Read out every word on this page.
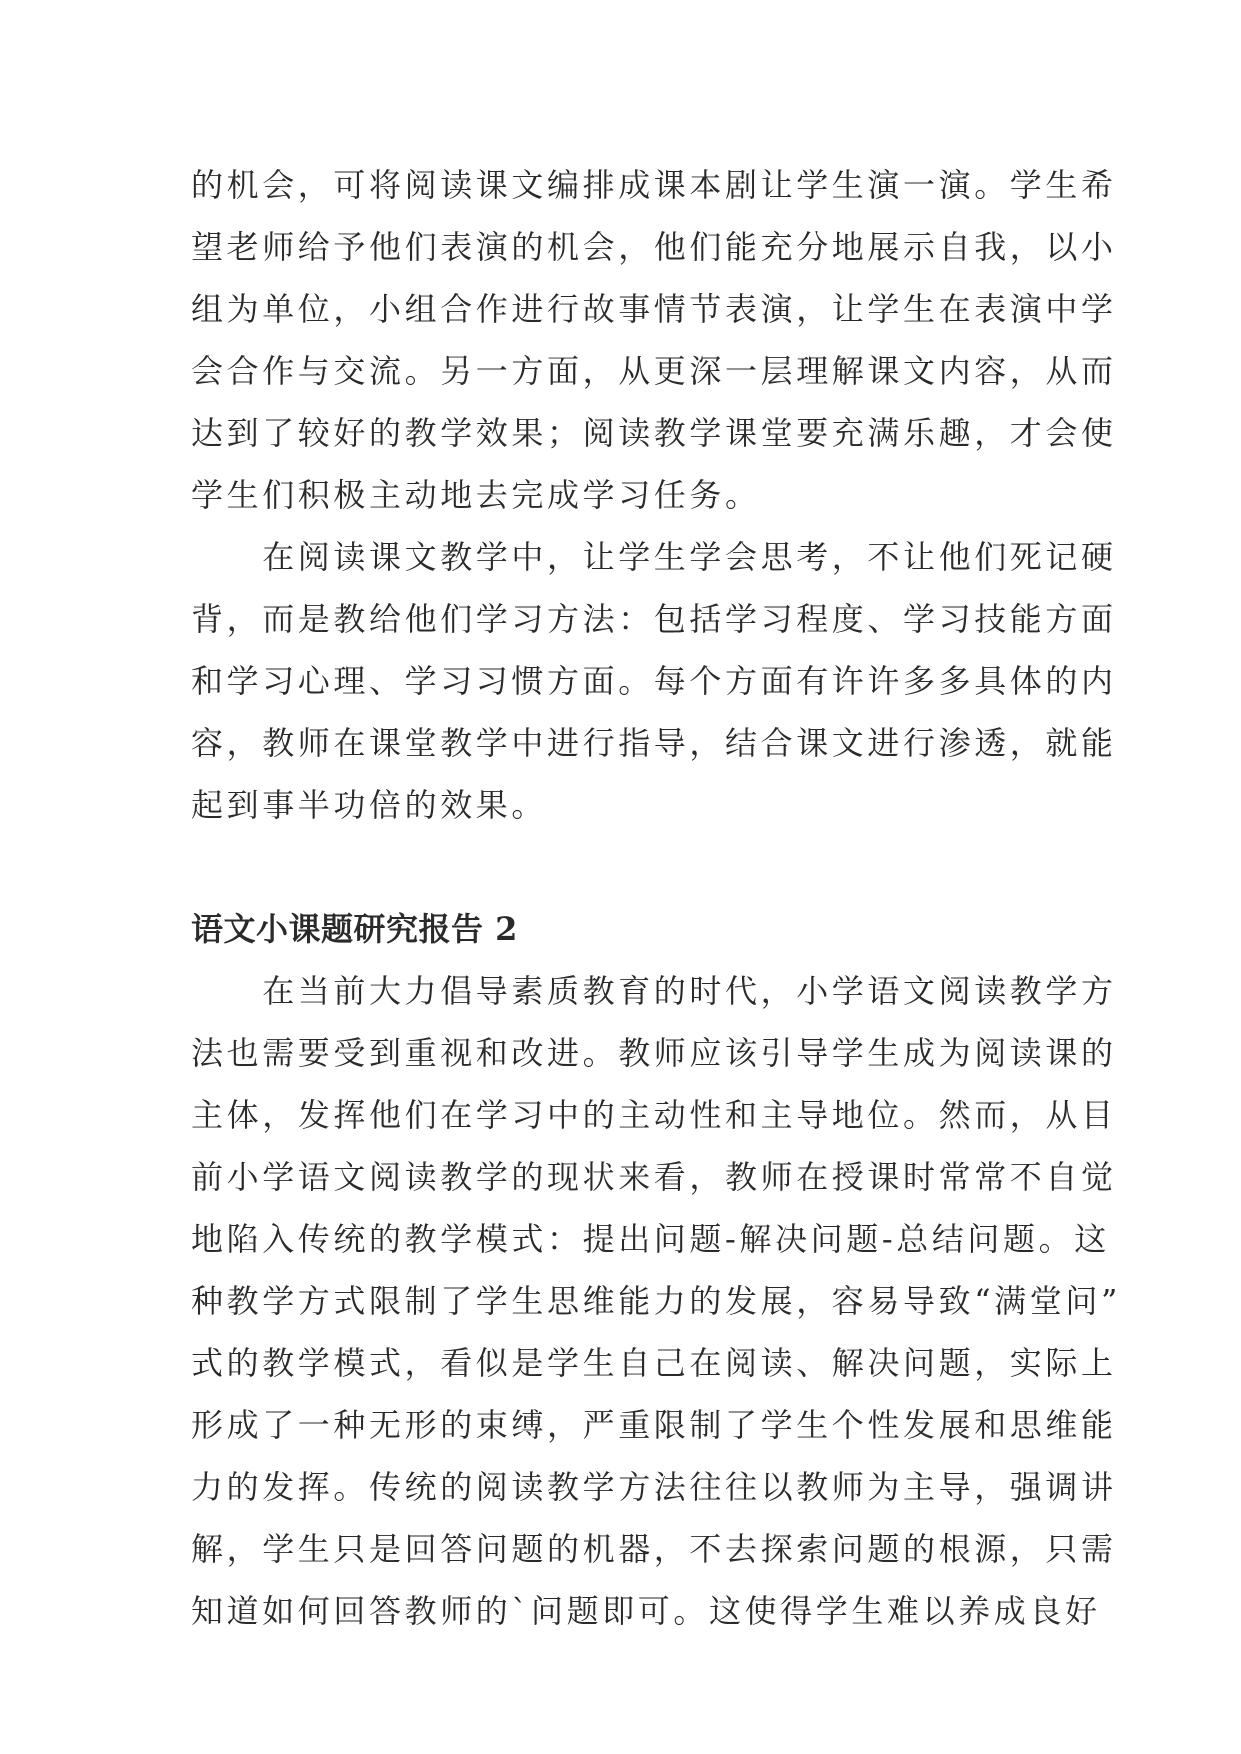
的机会，可将阅读课文编排成课本剧让学生演一演。学生希

望老师给予他们表演的机会，他们能充分地展示自我，以小

组为单位，小组合作进行故事情节表演，让学生在表演中学

会合作与交流。另一方面，从更深一层理解课文内容，从而

达到了较好的教学效果；阅读教学课堂要充满乐趣，才会使

学生们积极主动地去完成学习任务。

　　在阅读课文教学中，让学生学会思考，不让他们死记硬

背，而是教给他们学习方法：包括学习程度、学习技能方面

和学习心理、学习习惯方面。每个方面有许许多多具体的内

容，教师在课堂教学中进行指导，结合课文进行渗透，就能

起到事半功倍的效果。

语文小课题研究报告 2

　　在当前大力倡导素质教育的时代，小学语文阅读教学方

法也需要受到重视和改进。教师应该引导学生成为阅读课的

主体，发挥他们在学习中的主动性和主导地位。然而，从目

前小学语文阅读教学的现状来看，教师在授课时常常不自觉

地陷入传统的教学模式：提出问题-解决问题-总结问题。这

种教学方式限制了学生思维能力的发展，容易导致“满堂问”

式的教学模式，看似是学生自己在阅读、解决问题，实际上

形成了一种无形的束缚，严重限制了学生个性发展和思维能

力的发挥。传统的阅读教学方法往往以教师为主导，强调讲

解，学生只是回答问题的机器，不去探索问题的根源，只需

知道如何回答教师的`问题即可。这使得学生难以养成良好
